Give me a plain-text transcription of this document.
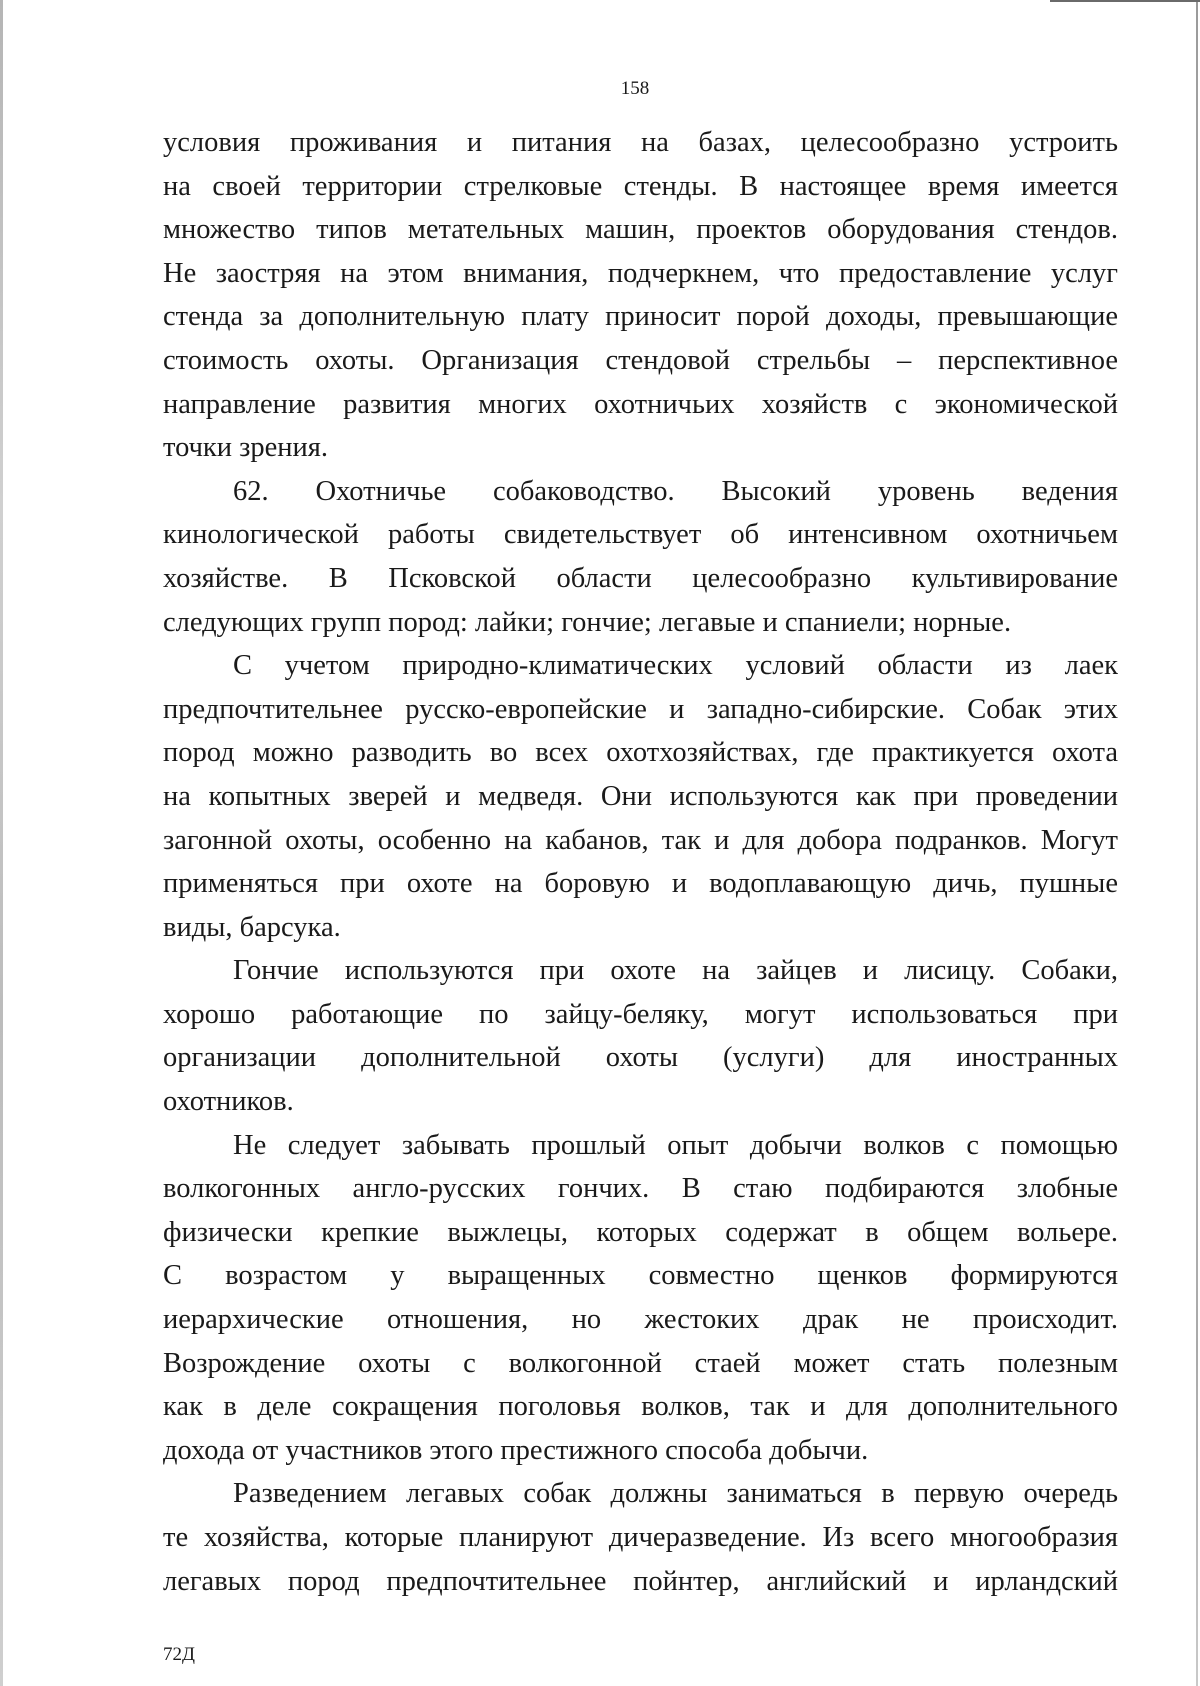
158

условия проживания и питания на базах, целесообразно устроить
на своей территории стрелковые стенды. В настоящее время имеется
множество типов метательных машин, проектов оборудования стендов.
Не заостряя на этом внимания, подчеркнем, что предоставление услуг
стенда за дополнительную плату приносит порой доходы, превышающие
стоимость охоты. Организация стендовой стрельбы – перспективное
направление развития многих охотничьих хозяйств с экономической
точки зрения.

62. Охотничье собаководство. Высокий уровень ведения
кинологической работы свидетельствует об интенсивном охотничьем
хозяйстве. В Псковской области целесообразно культивирование
следующих групп пород: лайки; гончие; легавые и спаниели; норные.

С учетом природно-климатических условий области из лаек
предпочтительнее русско-европейские и западно-сибирские. Собак этих
пород можно разводить во всех охотхозяйствах, где практикуется охота
на копытных зверей и медведя. Они используются как при проведении
загонной охоты, особенно на кабанов, так и для добора подранков. Могут
применяться при охоте на боровую и водоплавающую дичь, пушные
виды, барсука.

Гончие используются при охоте на зайцев и лисицу. Собаки,
хорошо работающие по зайцу-беляку, могут использоваться при
организации дополнительной охоты (услуги) для иностранных
охотников.

Не следует забывать прошлый опыт добычи волков с помощью
волкогонных англо-русских гончих. В стаю подбираются злобные
физически крепкие выжлецы, которых содержат в общем вольере.
С возрастом у выращенных совместно щенков формируются
иерархические отношения, но жестоких драк не происходит.
Возрождение охоты с волкогонной стаей может стать полезным
как в деле сокращения поголовья волков, так и для дополнительного
дохода от участников этого престижного способа добычи.

Разведением легавых собак должны заниматься в первую очередь
те хозяйства, которые планируют дичеразведение. Из всего многообразия
легавых пород предпочтительнее пойнтер, английский и ирландский

72Д
